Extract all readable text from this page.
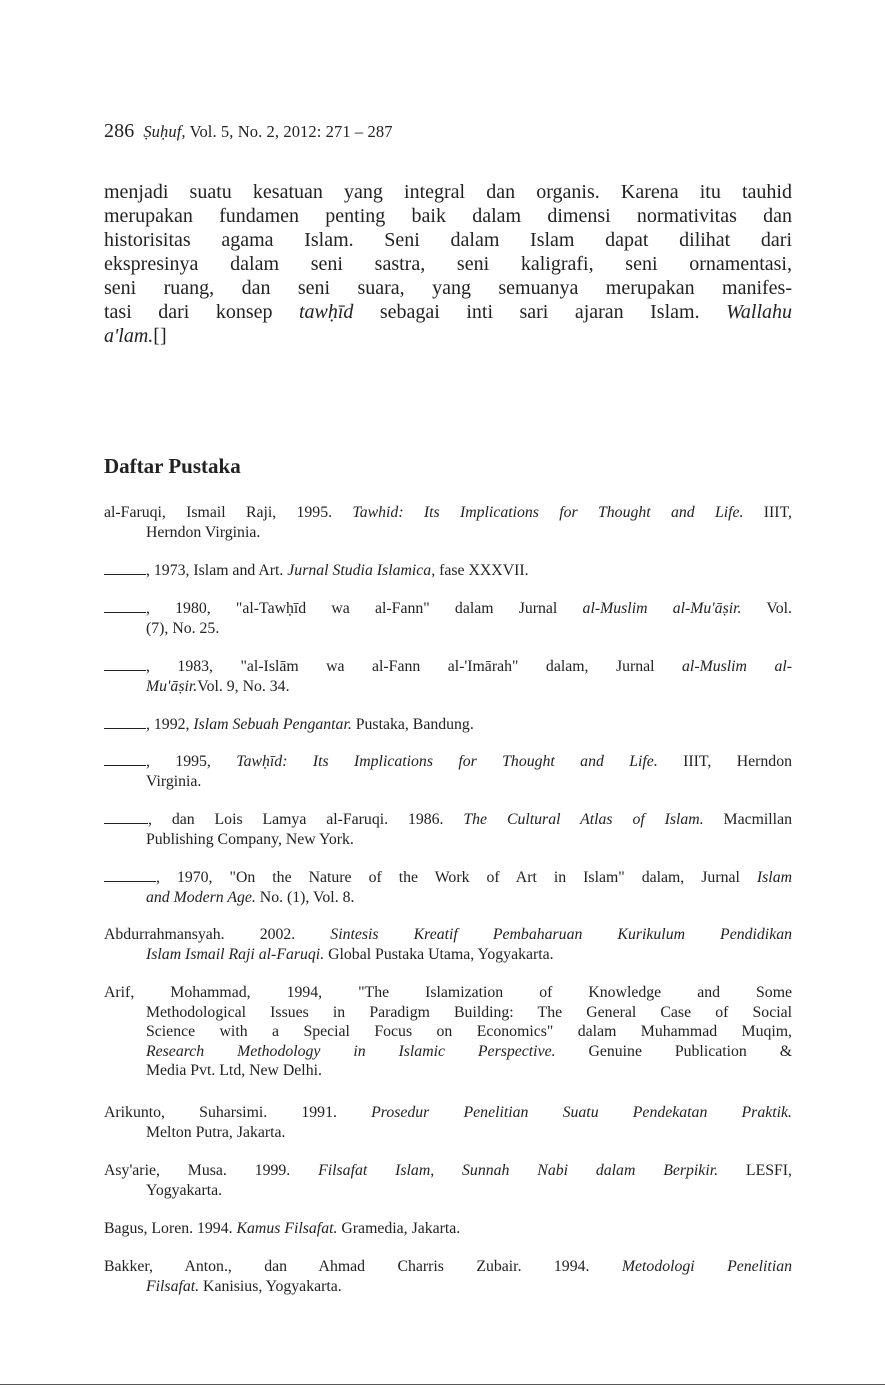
286 Ṣuḥuf, Vol. 5, No. 2, 2012: 271 – 287
menjadi suatu kesatuan yang integral dan organis. Karena itu tauhid
merupakan fundamen penting baik dalam dimensi normativitas dan
historisitas agama Islam. Seni dalam Islam dapat dilihat dari
ekspresinya dalam seni sastra, seni kaligrafi, seni ornamentasi,
seni ruang, dan seni suara, yang semuanya merupakan manifes-
tasi dari konsep tawḥīd sebagai inti sari ajaran Islam. Wallahu
a'lam.[]
Daftar Pustaka
al-Faruqi, Ismail Raji, 1995. Tawhid: Its Implications for Thought and Life. IIIT,
Herndon Virginia.
, 1973, Islam and Art. Jurnal Studia Islamica, fase XXXVII.
, 1980, "al-Tawḥīd wa al-Fann" dalam Jurnal al-Muslim al-Mu'āṣir. Vol.
(7), No. 25.
, 1983, "al-Islām wa al-Fann al-'Imārah" dalam, Jurnal al-Muslim al-
Mu'āṣir.Vol. 9, No. 34.
, 1992, Islam Sebuah Pengantar. Pustaka, Bandung.
, 1995, Tawḥīd: Its Implications for Thought and Life. IIIT, Herndon
Virginia.
, dan Lois Lamya al-Faruqi. 1986. The Cultural Atlas of Islam. Macmillan
Publishing Company, New York.
, 1970, "On the Nature of the Work of Art in Islam" dalam, Jurnal Islam
and Modern Age. No. (1), Vol. 8.
Abdurrahmansyah. 2002. Sintesis Kreatif Pembaharuan Kurikulum Pendidikan
Islam Ismail Raji al-Faruqi. Global Pustaka Utama, Yogyakarta.
Arif, Mohammad, 1994, "The Islamization of Knowledge and Some
Methodological Issues in Paradigm Building: The General Case of Social
Science with a Special Focus on Economics" dalam Muhammad Muqim,
Research Methodology in Islamic Perspective. Genuine Publication &
Media Pvt. Ltd, New Delhi.
Arikunto, Suharsimi. 1991. Prosedur Penelitian Suatu Pendekatan Praktik.
Melton Putra, Jakarta.
Asy'arie, Musa. 1999. Filsafat Islam, Sunnah Nabi dalam Berpikir. LESFI,
Yogyakarta.
Bagus, Loren. 1994. Kamus Filsafat. Gramedia, Jakarta.
Bakker, Anton., dan Ahmad Charris Zubair. 1994. Metodologi Penelitian
Filsafat. Kanisius, Yogyakarta.
